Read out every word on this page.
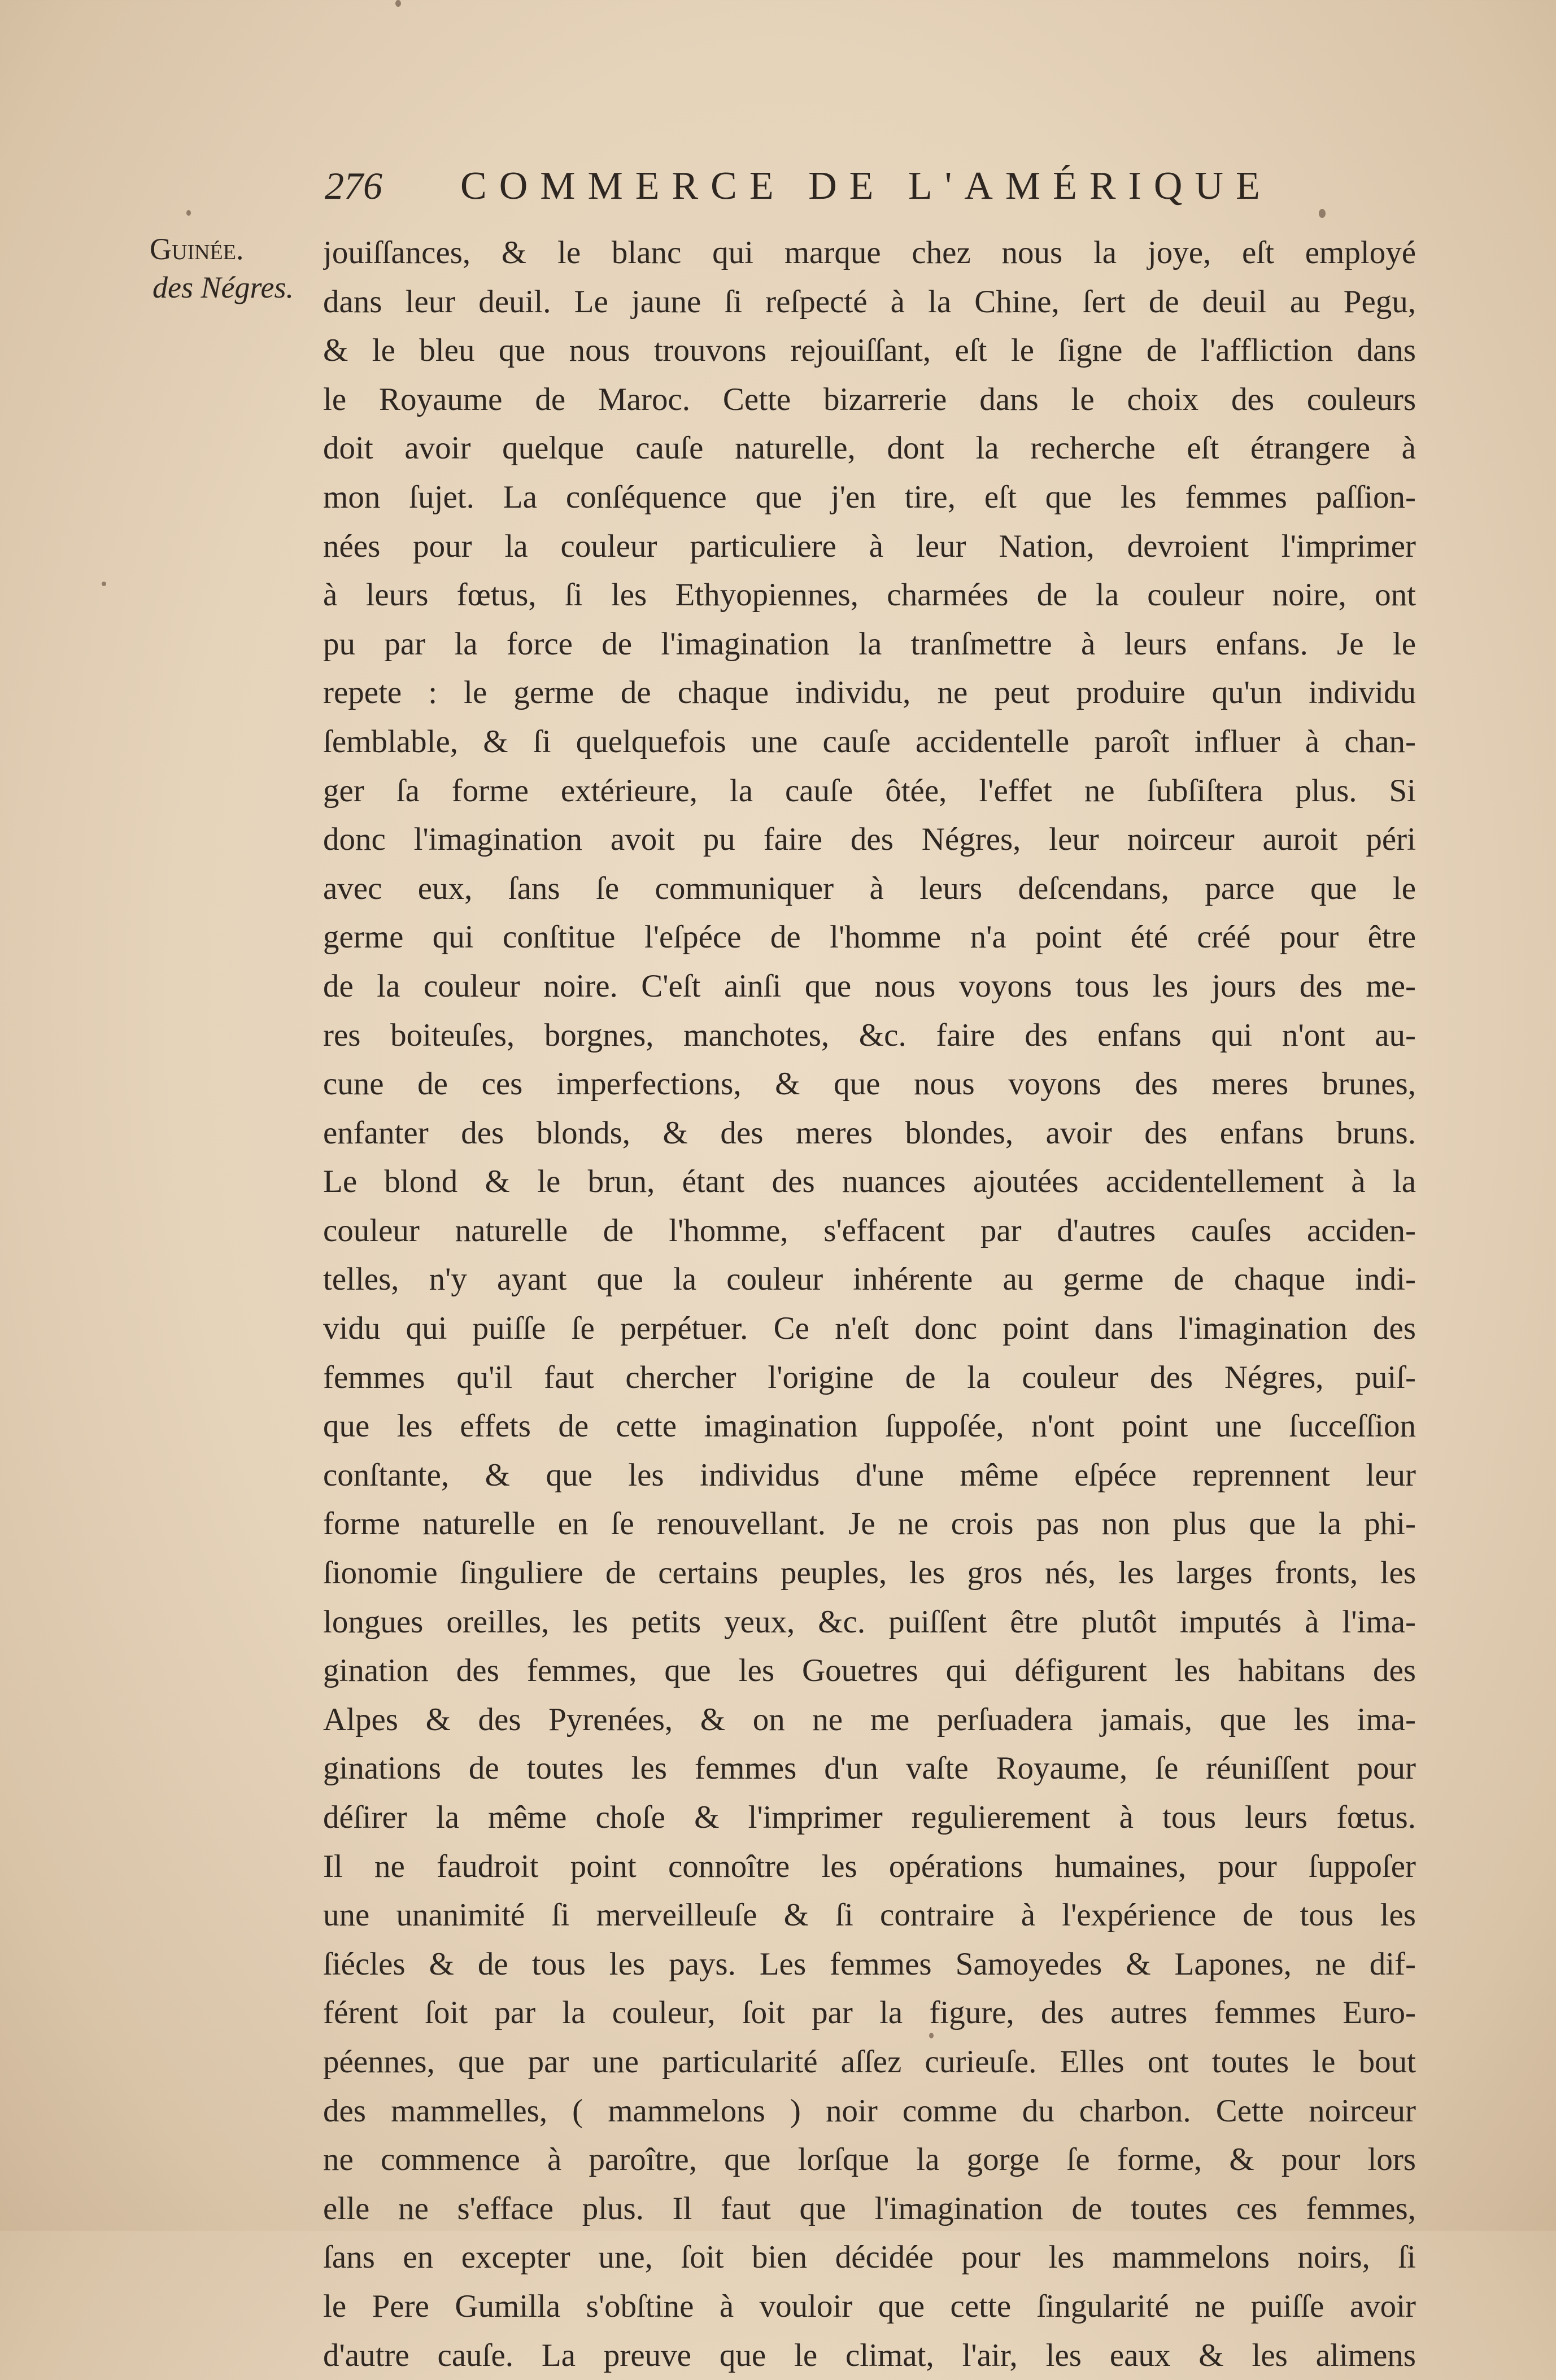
276 COMMERCE DE L'AMÉRIQUE
Guinée.
des Négres.
jouiſſances, & le blanc qui marque chez nous la joye, eſt employé
dans leur deuil. Le jaune ſi reſpecté à la Chine, ſert de deuil au Pegu,
& le bleu que nous trouvons rejouiſſant, eſt le ſigne de l'affliction dans
le Royaume de Maroc. Cette bizarrerie dans le choix des couleurs
doit avoir quelque cauſe naturelle, dont la recherche eſt étrangere à
mon ſujet. La conſéquence que j'en tire, eſt que les femmes paſſion-
nées pour la couleur particuliere à leur Nation, devroient l'imprimer
à leurs fœtus, ſi les Ethyopiennes, charmées de la couleur noire, ont
pu par la force de l'imagination la tranſmettre à leurs enfans. Je le
repete : le germe de chaque individu, ne peut produire qu'un individu
ſemblable, & ſi quelquefois une cauſe accidentelle paroît influer à chan-
ger ſa forme extérieure, la cauſe ôtée, l'effet ne ſubſiſtera plus. Si
donc l'imagination avoit pu faire des Négres, leur noirceur auroit péri
avec eux, ſans ſe communiquer à leurs deſcendans, parce que le
germe qui conſtitue l'eſpéce de l'homme n'a point été créé pour être
de la couleur noire. C'eſt ainſi que nous voyons tous les jours des me-
res boiteuſes, borgnes, manchotes, &c. faire des enfans qui n'ont au-
cune de ces imperfections, & que nous voyons des meres brunes,
enfanter des blonds, & des meres blondes, avoir des enfans bruns.
Le blond & le brun, étant des nuances ajoutées accidentellement à la
couleur naturelle de l'homme, s'effacent par d'autres cauſes acciden-
telles, n'y ayant que la couleur inhérente au germe de chaque indi-
vidu qui puiſſe ſe perpétuer. Ce n'eſt donc point dans l'imagination des
femmes qu'il faut chercher l'origine de la couleur des Négres, puiſ-
que les effets de cette imagination ſuppoſée, n'ont point une ſucceſſion
conſtante, & que les individus d'une même eſpéce reprennent leur
forme naturelle en ſe renouvellant. Je ne crois pas non plus que la phi-
ſionomie ſinguliere de certains peuples, les gros nés, les larges fronts, les
longues oreilles, les petits yeux, &c. puiſſent être plutôt imputés à l'ima-
gination des femmes, que les Gouetres qui défigurent les habitans des
Alpes & des Pyrenées, & on ne me perſuadera jamais, que les ima-
ginations de toutes les femmes d'un vaſte Royaume, ſe réuniſſent pour
déſirer la même choſe & l'imprimer regulierement à tous leurs fœtus.
Il ne faudroit point connoître les opérations humaines, pour ſuppoſer
une unanimité ſi merveilleuſe & ſi contraire à l'expérience de tous les
ſiécles & de tous les pays. Les femmes Samoyedes & Lapones, ne dif-
férent ſoit par la couleur, ſoit par la figure, des autres femmes Euro-
péennes, que par une particularité aſſez curieuſe. Elles ont toutes le bout
des mammelles, ( mammelons ) noir comme du charbon. Cette noirceur
ne commence à paroître, que lorſque la gorge ſe forme, & pour lors
elle ne s'efface plus. Il faut que l'imagination de toutes ces femmes,
ſans en excepter une, ſoit bien décidée pour les mammelons noirs, ſi
le Pere Gumilla s'obſtine à vouloir que cette ſingularité ne puiſſe avoir
d'autre cauſe. La preuve que le climat, l'air, les eaux & les alimens
